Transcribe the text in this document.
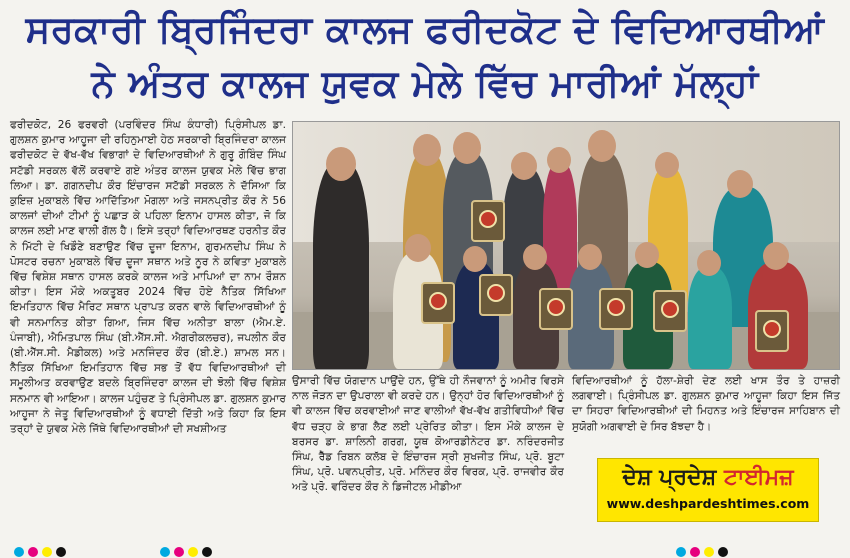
ਸਰਕਾਰੀ ਬ੍ਰਿਜਿੰਦਰਾ ਕਾਲਜ ਫਰੀਦਕੋਟ ਦੇ ਵਿਦਿਆਰਥੀਆਂ
ਨੇ ਅੰਤਰ ਕਾਲਜ ਯੁਵਕ ਮੇਲੇ ਵਿੱਚ ਮਾਰੀਆਂ ਮੱਲ੍ਹਾਂ

ਫਰੀਦਕੋਟ, 26 ਫਰਵਰੀ (ਪਰਵਿੰਦਰ ਸਿੰਘ ਕੰਧਾਰੀ) ਪ੍ਰਿੰਸੀਪਲ ਡਾ. ਗੁਲਸ਼ਨ ਕੁਮਾਰ ਆਹੂਜਾ ਦੀ ਰਹਿਨੁਮਾਈ ਹੇਠ ਸਰਕਾਰੀ ਬ੍ਰਿਜਿੰਦਰਾ ਕਾਲਜ ਫਰੀਦਕੋਟ ਦੇ ਵੱਖ-ਵੱਖ ਵਿਭਾਗਾਂ ਦੇ ਵਿਦਿਆਰਥੀਆਂ ਨੇ ਗੁਰੂ ਗੋਬਿੰਦ ਸਿੰਘ ਸਟੱਡੀ ਸਰਕਲ ਵੱਲੋਂ ਕਰਵਾਏ ਗਏ ਅੰਤਰ ਕਾਲਜ ਯੁਵਕ ਮੇਲੇ ਵਿੱਚ ਭਾਗ ਲਿਆ। ਡਾ. ਗਗਨਦੀਪ ਕੌਰ ਇੰਚਾਰਜ ਸਟੱਡੀ ਸਰਕਲ ਨੇ ਦੱਸਿਆ ਕਿ ਕੁਇਜ਼ ਮੁਕਾਬਲੇ ਵਿੱਚ ਆਦਿੱਤਿਆ ਮੋਗਲਾ ਅਤੇ ਜਸਨਪ੍ਰੀਤ ਕੌਰ ਨੇ 56 ਕਾਲਜਾਂ ਦੀਆਂ ਟੀਮਾਂ ਨੂੰ ਪਛਾੜ ਕੇ ਪਹਿਲਾ ਇਨਾਮ ਹਾਸਲ ਕੀਤਾ, ਜੋ ਕਿ ਕਾਲਜ ਲਈ ਮਾਣ ਵਾਲੀ ਗੱਲ ਹੈ। ਇਸੇ ਤਰ੍ਹਾਂ ਵਿਦਿਆਰਥਣ ਹਰਨੀਤ ਕੌਰ ਨੇ ਮਿੱਟੀ ਦੇ ਖਿਡੌਣੇ ਬਣਾਉਣ ਵਿੱਚ ਦੂਜਾ ਇਨਾਮ, ਗੁਰਮਨਦੀਪ ਸਿੰਘ ਨੇ ਪੋਸਟਰ ਰਚਨਾ ਮੁਕਾਬਲੇ ਵਿੱਚ ਦੂਜਾ ਸਥਾਨ ਅਤੇ ਨੂਰ ਨੇ ਕਵਿਤਾ ਮੁਕਾਬਲੇ ਵਿੱਚ ਵਿਸ਼ੇਸ਼ ਸਥਾਨ ਹਾਸਲ ਕਰਕੇ ਕਾਲਜ ਅਤੇ ਮਾਪਿਆਂ ਦਾ ਨਾਮ ਰੌਸ਼ਨ ਕੀਤਾ। ਇਸ ਮੌਕੇ ਅਕਤੂਬਰ 2024 ਵਿੱਚ ਹੋਏ ਨੈਤਿਕ ਸਿੱਖਿਆ ਇਮਤਿਹਾਨ ਵਿੱਚ ਮੈਰਿਟ ਸਥਾਨ ਪ੍ਰਾਪਤ ਕਰਨ ਵਾਲੇ ਵਿਦਿਆਰਥੀਆਂ ਨੂੰ ਵੀ ਸਨਮਾਨਿਤ ਕੀਤਾ ਗਿਆ, ਜਿਸ ਵਿੱਚ ਅਨੀਤਾ ਬਾਲਾ (ਐਮ.ਏ. ਪੰਜਾਬੀ), ਐਮਿਤਪਾਲ ਸਿੰਘ (ਬੀ.ਐੱਸ.ਸੀ. ਐਗਰੀਕਲਚਰ), ਜਪਲੀਨ ਕੌਰ (ਬੀ.ਐੱਸ.ਸੀ. ਮੈਡੀਕਲ) ਅਤੇ ਮਨਜਿੰਦਰ ਕੌਰ (ਬੀ.ਏ.) ਸ਼ਾਮਲ ਸਨ। ਨੈਤਿਕ ਸਿੱਖਿਆ ਇਮਤਿਹਾਨ ਵਿੱਚ ਸਭ ਤੋਂ ਵੱਧ ਵਿਦਿਆਰਥੀਆਂ ਦੀ ਸਮੂਲੀਅਤ ਕਰਵਾਉਣ ਬਦਲੇ ਬ੍ਰਿਜਿੰਦਰਾ ਕਾਲਜ ਦੀ ਝੋਲੀ ਵਿੱਚ ਵਿਸ਼ੇਸ਼ ਸਨਮਾਨ ਵੀ ਆਇਆ। ਕਾਲਜ ਪਹੁੰਚਣ ਤੇ ਪ੍ਰਿੰਸੀਪਲ ਡਾ. ਗੁਲਸ਼ਨ ਕੁਮਾਰ ਆਹੂਜਾ ਨੇ ਜੇਤੂ ਵਿਦਿਆਰਥੀਆਂ ਨੂੰ ਵਧਾਈ ਦਿੱਤੀ ਅਤੇ ਕਿਹਾ ਕਿ ਇਸ ਤਰ੍ਹਾਂ ਦੇ ਯੁਵਕ ਮੇਲੇ ਜਿੱਥੇ ਵਿਦਿਆਰਥੀਆਂ ਦੀ ਸਖਸ਼ੀਅਤ

ਉਸਾਰੀ ਵਿੱਚ ਯੋਗਦਾਨ ਪਾਉਂਦੇ ਹਨ, ਉੱਥੇ ਹੀ ਨੌਜਵਾਨਾਂ ਨੂੰ ਅਮੀਰ ਵਿਰਸੇ ਨਾਲ ਜੋੜਨ ਦਾ ਉਪਰਾਲਾ ਵੀ ਕਰਦੇ ਹਨ। ਉਨ੍ਹਾਂ ਹੋਰ ਵਿਦਿਆਰਥੀਆਂ ਨੂੰ ਵੀ ਕਾਲਜ ਵਿੱਚ ਕਰਵਾਈਆਂ ਜਾਣ ਵਾਲੀਆਂ ਵੱਖ-ਵੱਖ ਗਤੀਵਿਧੀਆਂ ਵਿੱਚ ਵੱਧ ਚੜ੍ਹ ਕੇ ਭਾਗ ਲੈਣ ਲਈ ਪ੍ਰੇਰਿਤ ਕੀਤਾ। ਇਸ ਮੌਕੇ ਕਾਲਜ ਦੇ ਬਰਸਰ ਡਾ. ਸ਼ਾਲਿਨੀ ਗਰਗ, ਯੂਥ ਕੋਆਰਡੀਨੇਟਰ ਡਾ. ਨਰਿੰਦਰਜੀਤ ਸਿੰਘ, ਰੈੱਡ ਰਿਬਨ ਕਲੱਬ ਦੇ ਇੰਚਾਰਜ ਸ੍ਰੀ ਸੁਖਜੀਤ ਸਿੰਘ, ਪ੍ਰੋ. ਬੂਟਾ ਸਿੰਘ, ਪ੍ਰੋ. ਪਵਨਪ੍ਰੀਤ, ਪ੍ਰੋ. ਮਨਿੰਦਰ ਕੌਰ ਵਿਰਕ, ਪ੍ਰੋ. ਰਾਜਵੀਰ ਕੌਰ ਅਤੇ ਪ੍ਰੋ. ਵਰਿੰਦਰ ਕੌਰ ਨੇ ਡਿਜੀਟਲ ਮੀਡੀਆ

ਵਿਦਿਆਰਥੀਆਂ ਨੂੰ ਹੱਲਾ-ਸ਼ੇਰੀ ਦੇਣ ਲਈ ਖਾਸ ਤੌਰ ਤੇ ਹਾਜ਼ਰੀ ਲਗਵਾਈ। ਪ੍ਰਿੰਸੀਪਲ ਡਾ. ਗੁਲਸ਼ਨ ਕੁਮਾਰ ਆਹੂਜਾ ਕਿਹਾ ਇਸ ਜਿੱਤ ਦਾ ਸਿਹਰਾ ਵਿਦਿਆਰਥੀਆਂ ਦੀ ਮਿਹਨਤ ਅਤੇ ਇੰਚਾਰਜ ਸਾਹਿਬਾਨ ਦੀ ਸੁਯੋਗੀ ਅਗਵਾਈ ਦੇ ਸਿਰ ਬੱਝਦਾ ਹੈ।

ਦੇਸ਼ ਪ੍ਰਦੇਸ਼ ਟਾਈਮਜ਼
www.deshpardeshtimes.com
